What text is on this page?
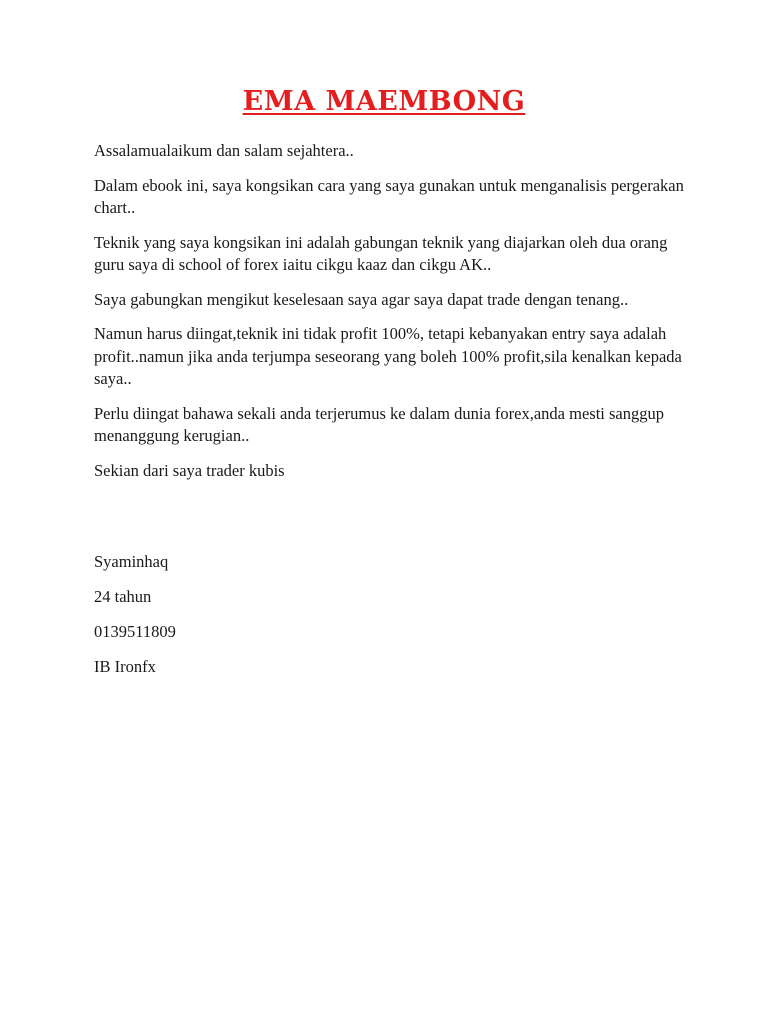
EMA MAEMBONG

Assalamualaikum dan salam sejahtera..

Dalam ebook ini, saya kongsikan cara yang saya gunakan untuk menganalisis pergerakan chart..

Teknik yang saya kongsikan ini adalah gabungan teknik yang diajarkan oleh dua orang guru saya di school of forex iaitu cikgu kaaz dan cikgu AK..

Saya gabungkan mengikut keselesaan saya agar saya dapat trade dengan tenang..

Namun harus diingat,teknik ini tidak profit 100%, tetapi kebanyakan entry saya adalah profit..namun jika anda terjumpa seseorang yang boleh 100% profit,sila kenalkan kepada saya..

Perlu diingat bahawa sekali anda terjerumus ke dalam dunia forex,anda mesti sanggup menanggung kerugian..

Sekian dari saya trader kubis

Syaminhaq

24 tahun

0139511809

IB Ironfx
